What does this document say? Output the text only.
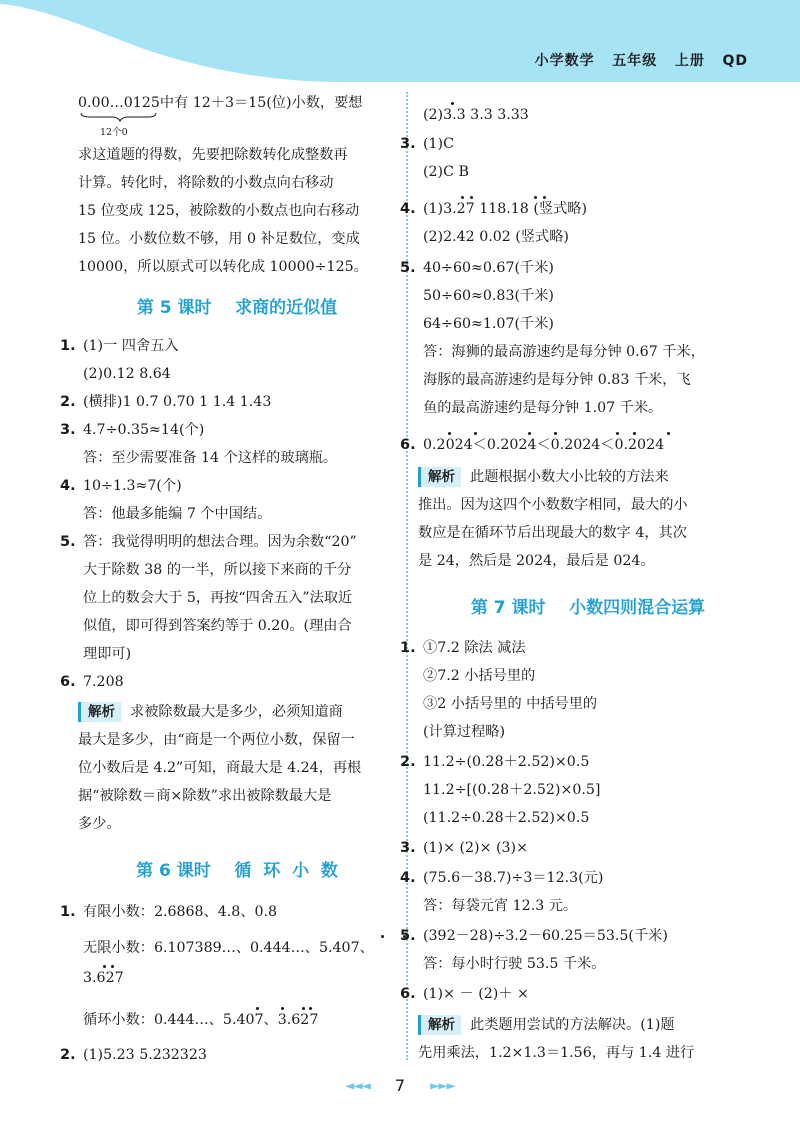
小学数学   五年级   上册   QD
0.00…0125中有 12＋3＝15(位)小数，要想
12个0
求这道题的得数，先要把除数转化成整数再
计算。转化时，将除数的小数点向右移动
15 位变成 125，被除数的小数点也向右移动
15 位。小数位数不够，用 0 补足数位，变成
10000，所以原式可以转化成 10000÷125。
第 5 课时    求商的近似值
1. (1)一 四舍五入
(2)0.12 8.64
2. (横排)1 0.7 0.70 1 1.4 1.43
3. 4.7÷0.35≈14(个)
答：至少需要准备 14 个这样的玻璃瓶。
4. 10÷1.3≈7(个)
答：他最多能编 7 个中国结。
5. 答：我觉得明明的想法合理。因为余数“20”
大于除数 38 的一半，所以接下来商的千分
位上的数会大于 5，再按“四舍五入”法取近
似值，即可得到答案约等于 0.20。(理由合
理即可)
6. 7.208
解析 求被除数最大是多少，必须知道商
最大是多少，由“商是一个两位小数，保留一
位小数后是 4.2”可知，商最大是 4.24，再根
据“被除数＝商×除数”求出被除数最大是
多少。
第 6 课时    循  环  小  数
1. 有限小数：2.6868、4.8、0.8
无限小数：6.107389…、0.444…、5.407、
3.627
循环小数：0.444…、5.407、3.627
2. (1)5.23 5.232323
(2)3.3 3.3 3.33
3. (1)C
(2)C B
4. (1)3.27 118.18 (竖式略)
(2)2.42 0.02 (竖式略)
5. 40÷60≈0.67(千米)
50÷60≈0.83(千米)
64÷60≈1.07(千米)
答：海狮的最高游速约是每分钟 0.67 千米，
海豚的最高游速约是每分钟 0.83 千米，飞
鱼的最高游速约是每分钟 1.07 千米。
6. 0.2024＜0.2024＜0.2024＜0.2024
解析 此题根据小数大小比较的方法来
推出。因为这四个小数数字相同，最大的小
数应是在循环节后出现最大的数字 4，其次
是 24，然后是 2024，最后是 024。
第 7 课时    小数四则混合运算
1. ①7.2 除法 减法
②7.2 小括号里的
③2 小括号里的 中括号里的
(计算过程略)
2. 11.2÷(0.28＋2.52)×0.5
11.2÷[(0.28＋2.52)×0.5]
(11.2÷0.28＋2.52)×0.5
3. (1)× (2)× (3)×
4. (75.6－38.7)÷3＝12.3(元)
答：每袋元宵 12.3 元。
5. (392－28)÷3.2－60.25＝53.5(千米)
答：每小时行驶 53.5 千米。
6. (1)× － (2)＋ ×
解析 此类题用尝试的方法解决。(1)题
先用乘法，1.2×1.3＝1.56，再与 1.4 进行
◄◄◄ 7 ►►►
